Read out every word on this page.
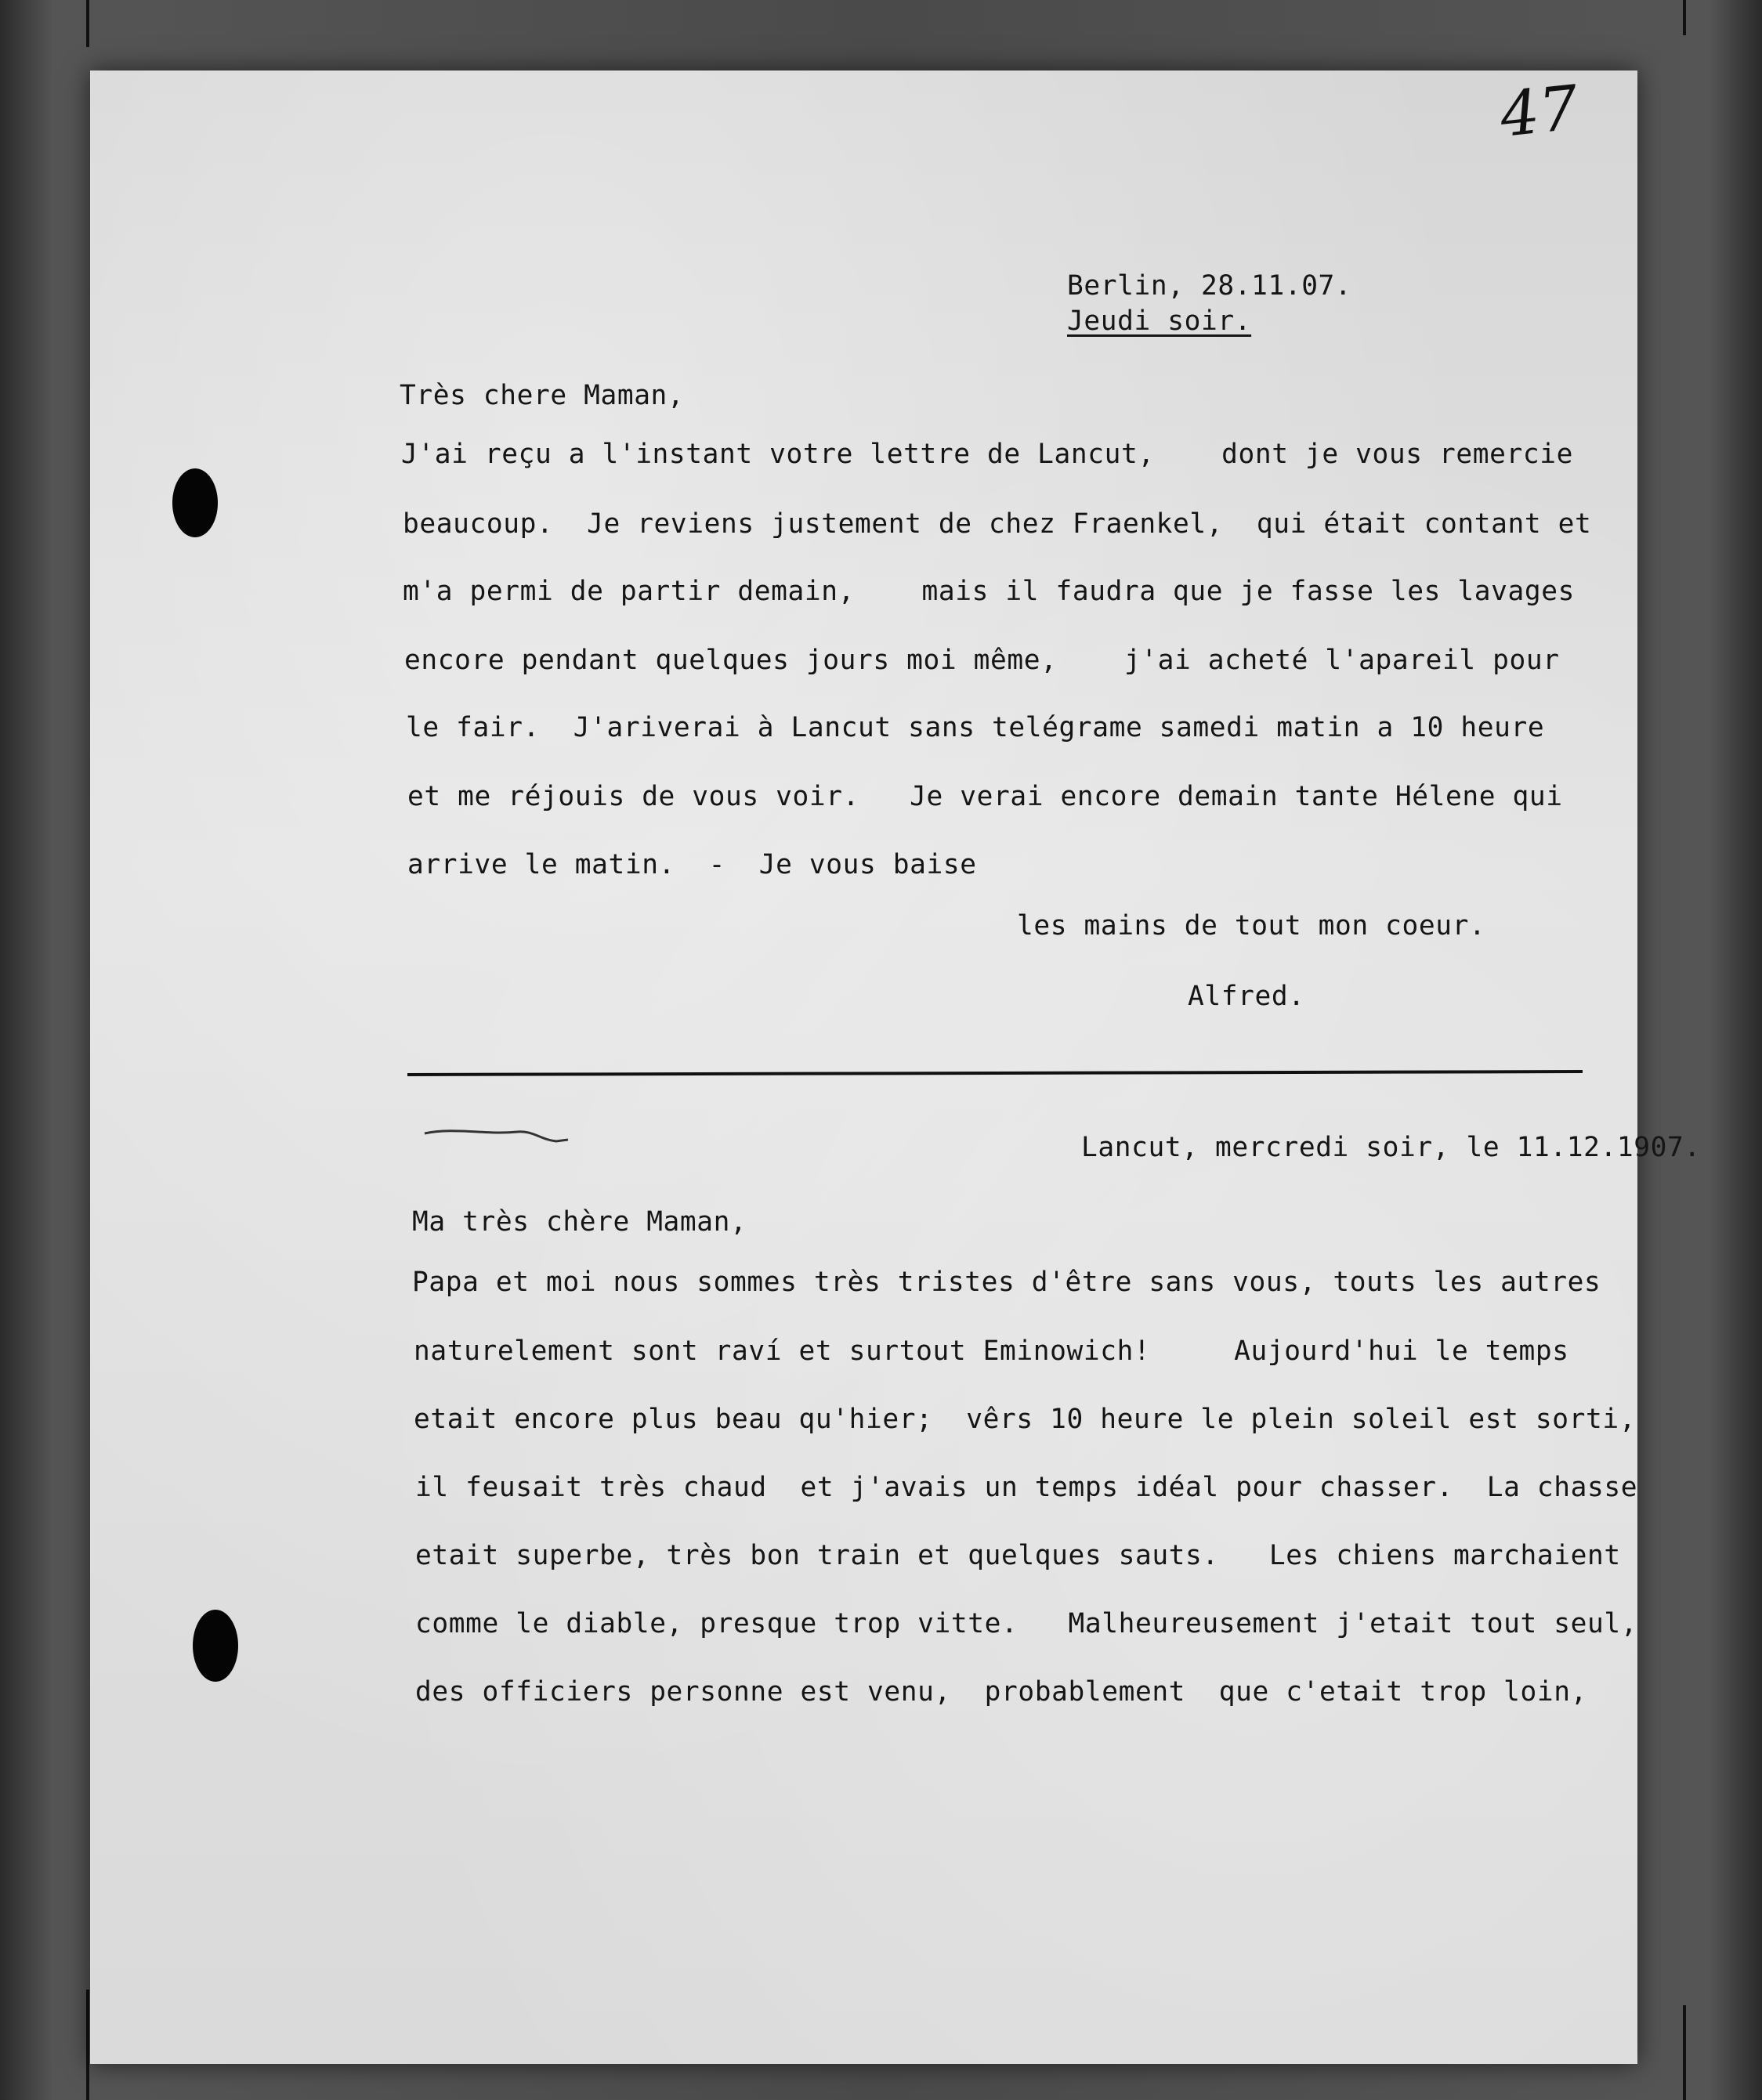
47
Berlin, 28.11.07.
Jeudi soir.
Très chere Maman,
J'ai reçu a l'instant votre lettre de Lancut,    dont je vous remercie
beaucoup.  Je reviens justement de chez Fraenkel,  qui était contant et
m'a permi de partir demain,    mais il faudra que je fasse les lavages
encore pendant quelques jours moi même,    j'ai acheté l'apareil pour
le fair.  J'ariverai à Lancut sans telégrame samedi matin a 10 heure
et me réjouis de vous voir.   Je verai encore demain tante Hélene qui
arrive le matin.  -  Je vous baise
les mains de tout mon coeur.
Alfred.
Lancut, mercredi soir, le 11.12.1907.
Ma très chère Maman,
Papa et moi nous sommes très tristes d'être sans vous, touts les autres
naturelement sont raví et surtout Eminowich!     Aujourd'hui le temps
etait encore plus beau qu'hier;  vêrs 10 heure le plein soleil est sorti,
il feusait très chaud  et j'avais un temps idéal pour chasser.  La chasse
etait superbe, très bon train et quelques sauts.   Les chiens marchaient
comme le diable, presque trop vitte.   Malheureusement j'etait tout seul,
des officiers personne est venu,  probablement  que c'etait trop loin,
